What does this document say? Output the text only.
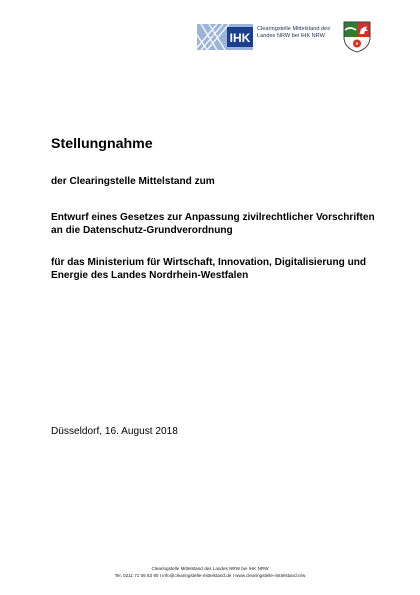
IHK
Clearingstelle Mittelstand des
Landes NRW bei IHK NRW
Stellungnahme

der Clearingstelle Mittelstand zum

Entwurf eines Gesetzes zur Anpassung zivilrechtlicher Vorschriften
an die Datenschutz-Grundverordnung

für das Ministerium für Wirtschaft, Innovation, Digitalisierung und
Energie des Landes Nordrhein-Westfalen

Düsseldorf, 16. August 2018

Clearingstelle Mittelstand des Landes NRW bei IHK NRW
Tel. 0211 71 06 63 90 I info@clearingstelle-mittelstand.de I www.clearingstelle-mittelstand.nrw
